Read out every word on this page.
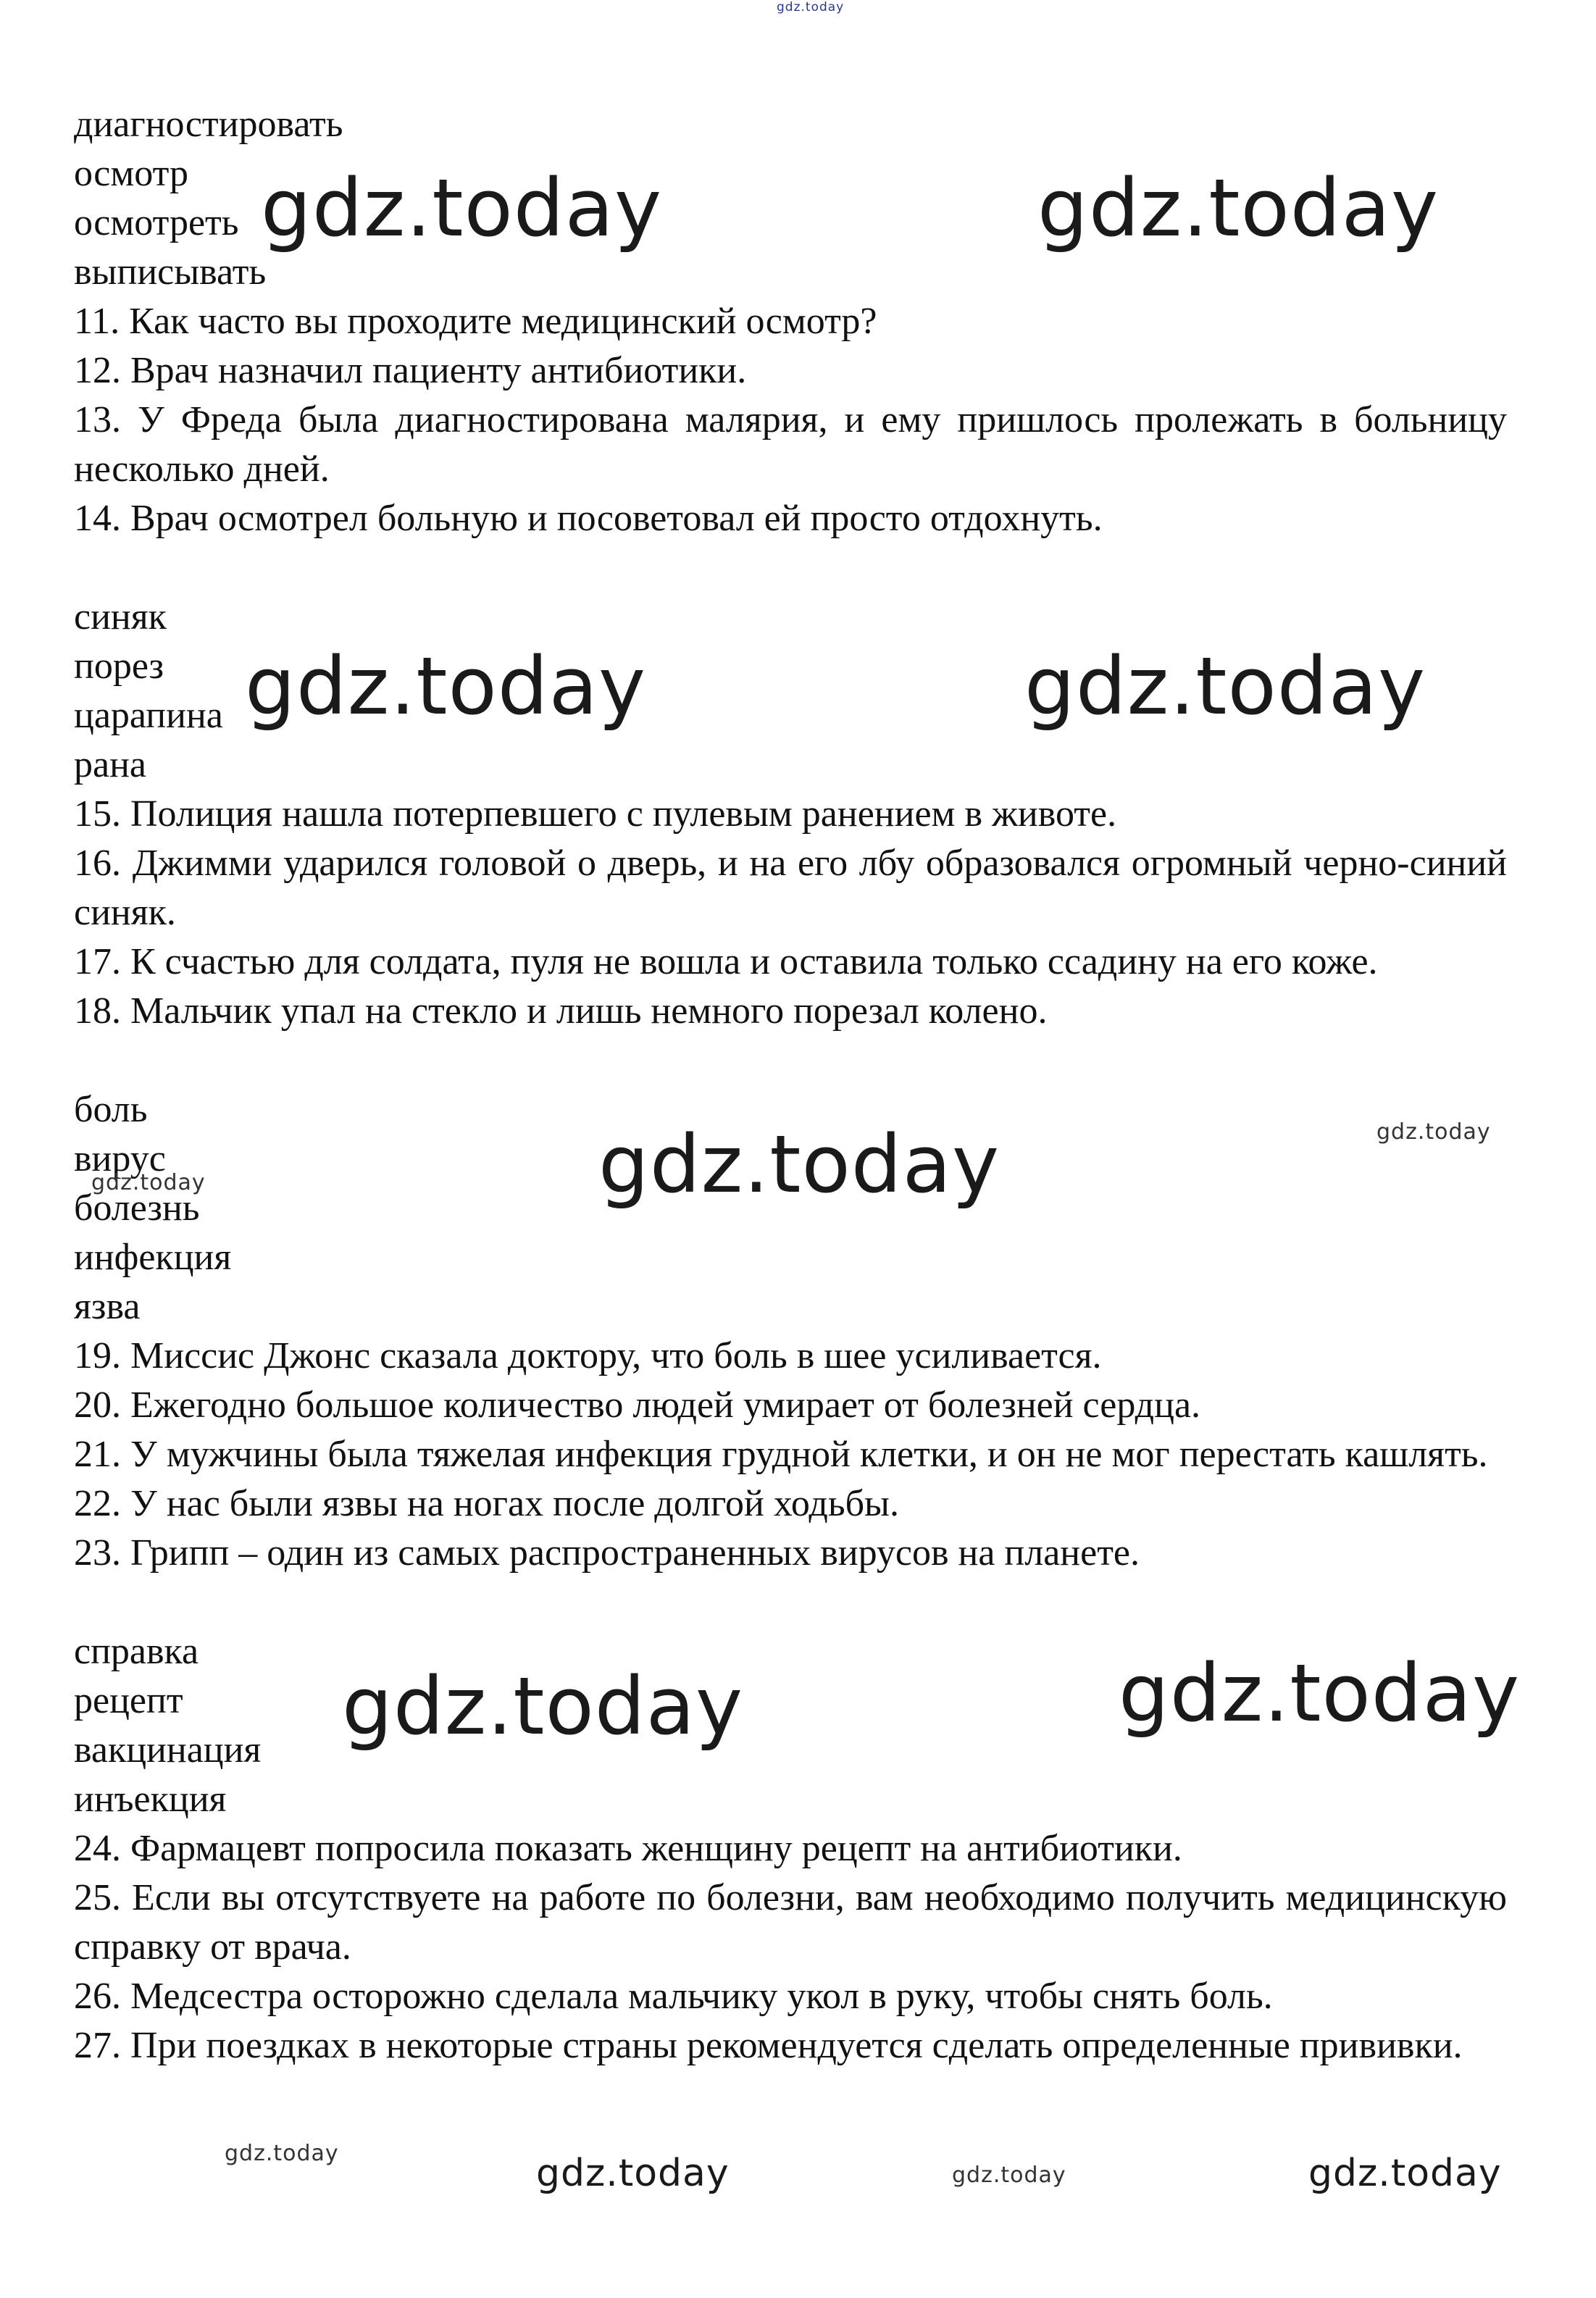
диагностировать
осмотр
осмотреть
выписывать
11. Как часто вы проходите медицинский осмотр?
12. Врач назначил пациенту антибиотики.
13. У Фреда была диагностирована малярия, и ему пришлось пролежать в больницу несколько дней.
14. Врач осмотрел больную и посоветовал ей просто отдохнуть.
синяк
порез
царапина
рана
15. Полиция нашла потерпевшего с пулевым ранением в животе.
16. Джимми ударился головой о дверь, и на его лбу образовался огромный черно-синий синяк.
17. К счастью для солдата, пуля не вошла и оставила только ссадину на его коже.
18. Мальчик упал на стекло и лишь немного порезал колено.
боль
вирус
болезнь
инфекция
язва
19. Миссис Джонс сказала доктору, что боль в шее усиливается.
20. Ежегодно большое количество людей умирает от болезней сердца.
21. У мужчины была тяжелая инфекция грудной клетки, и он не мог перестать кашлять.
22. У нас были язвы на ногах после долгой ходьбы.
23. Грипп – один из самых распространенных вирусов на планете.
справка
рецепт
вакцинация
инъекция
24. Фармацевт попросила показать женщину рецепт на антибиотики.
25. Если вы отсутствуете на работе по болезни, вам необходимо получить медицинскую справку от врача.
26. Медсестра осторожно сделала мальчику укол в руку, чтобы снять боль.
27. При поездках в некоторые страны рекомендуется сделать определенные прививки.
gdz.today
gdz.today	gdz.today
gdz.today	gdz.today
gdz.today	gdz.today
gdz.today
gdz.today	gdz.today
gdz.today	gdz.today	gdz.today	gdz.today
